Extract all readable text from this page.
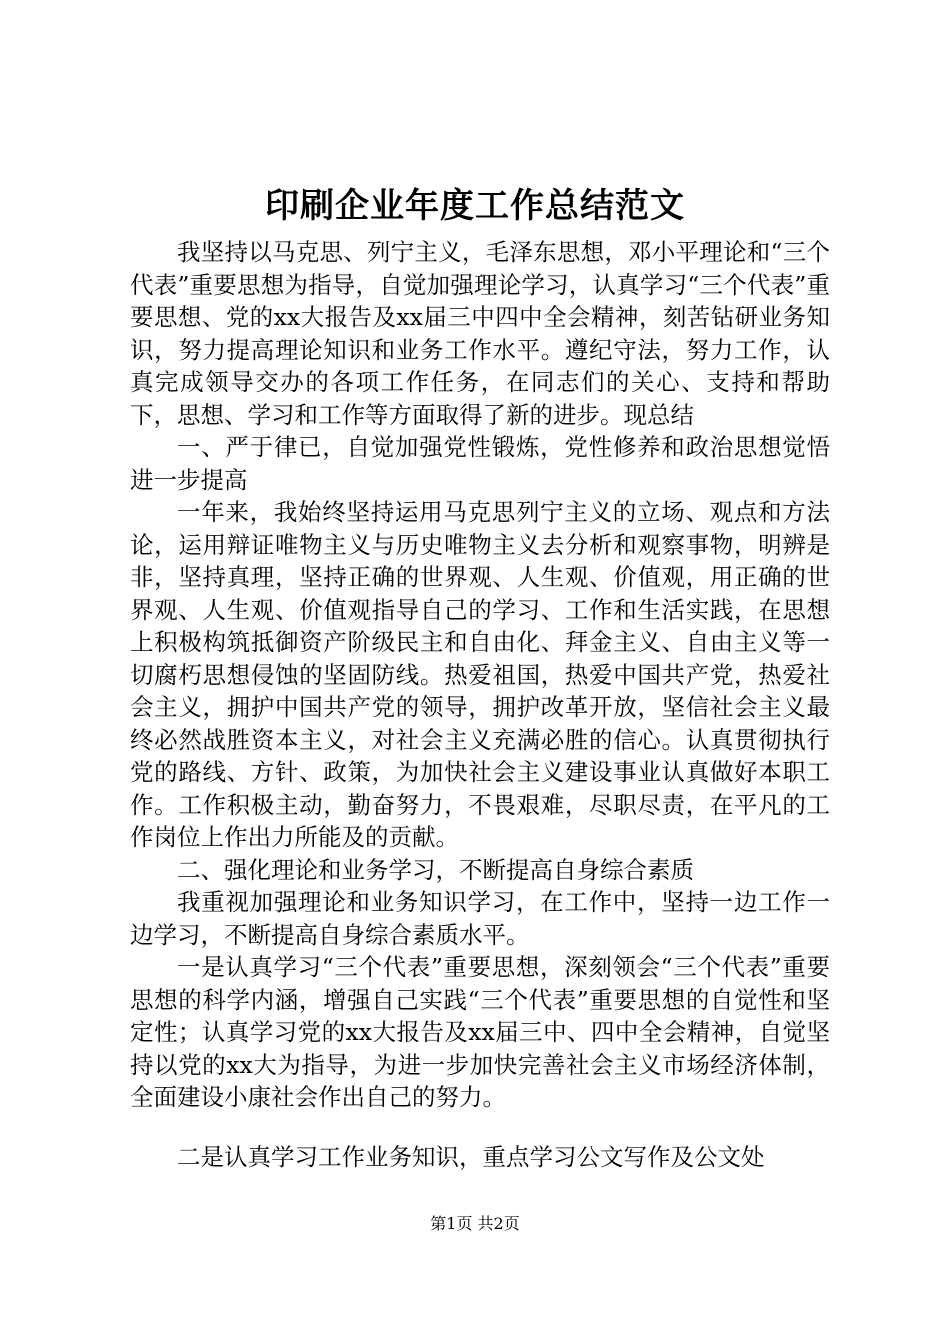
印刷企业年度工作总结范文

我坚持以马克思、列宁主义，毛泽东思想，邓小平理论和“三个代表”重要思想为指导，自觉加强理论学习，认真学习“三个代表”重要思想、党的xx大报告及xx届三中四中全会精神，刻苦钻研业务知识，努力提高理论知识和业务工作水平。遵纪守法，努力工作，认真完成领导交办的各项工作任务，在同志们的关心、支持和帮助下，思想、学习和工作等方面取得了新的进步。现总结

一、严于律已，自觉加强党性锻炼，党性修养和政治思想觉悟进一步提高

一年来，我始终坚持运用马克思列宁主义的立场、观点和方法论，运用辩证唯物主义与历史唯物主义去分析和观察事物，明辨是非，坚持真理，坚持正确的世界观、人生观、价值观，用正确的世界观、人生观、价值观指导自己的学习、工作和生活实践，在思想上积极构筑抵御资产阶级民主和自由化、拜金主义、自由主义等一切腐朽思想侵蚀的坚固防线。热爱祖国，热爱中国共产党，热爱社会主义，拥护中国共产党的领导，拥护改革开放，坚信社会主义最终必然战胜资本主义，对社会主义充满必胜的信心。认真贯彻执行党的路线、方针、政策，为加快社会主义建设事业认真做好本职工作。工作积极主动，勤奋努力，不畏艰难，尽职尽责，在平凡的工作岗位上作出力所能及的贡献。

二、强化理论和业务学习，不断提高自身综合素质

我重视加强理论和业务知识学习，在工作中，坚持一边工作一边学习，不断提高自身综合素质水平。

一是认真学习“三个代表”重要思想，深刻领会“三个代表”重要思想的科学内涵，增强自己实践“三个代表”重要思想的自觉性和坚定性；认真学习党的xx大报告及xx届三中、四中全会精神，自觉坚持以党的xx大为指导，为进一步加快完善社会主义市场经济体制，全面建设小康社会作出自己的努力。

二是认真学习工作业务知识，重点学习公文写作及公文处

第1页 共2页
